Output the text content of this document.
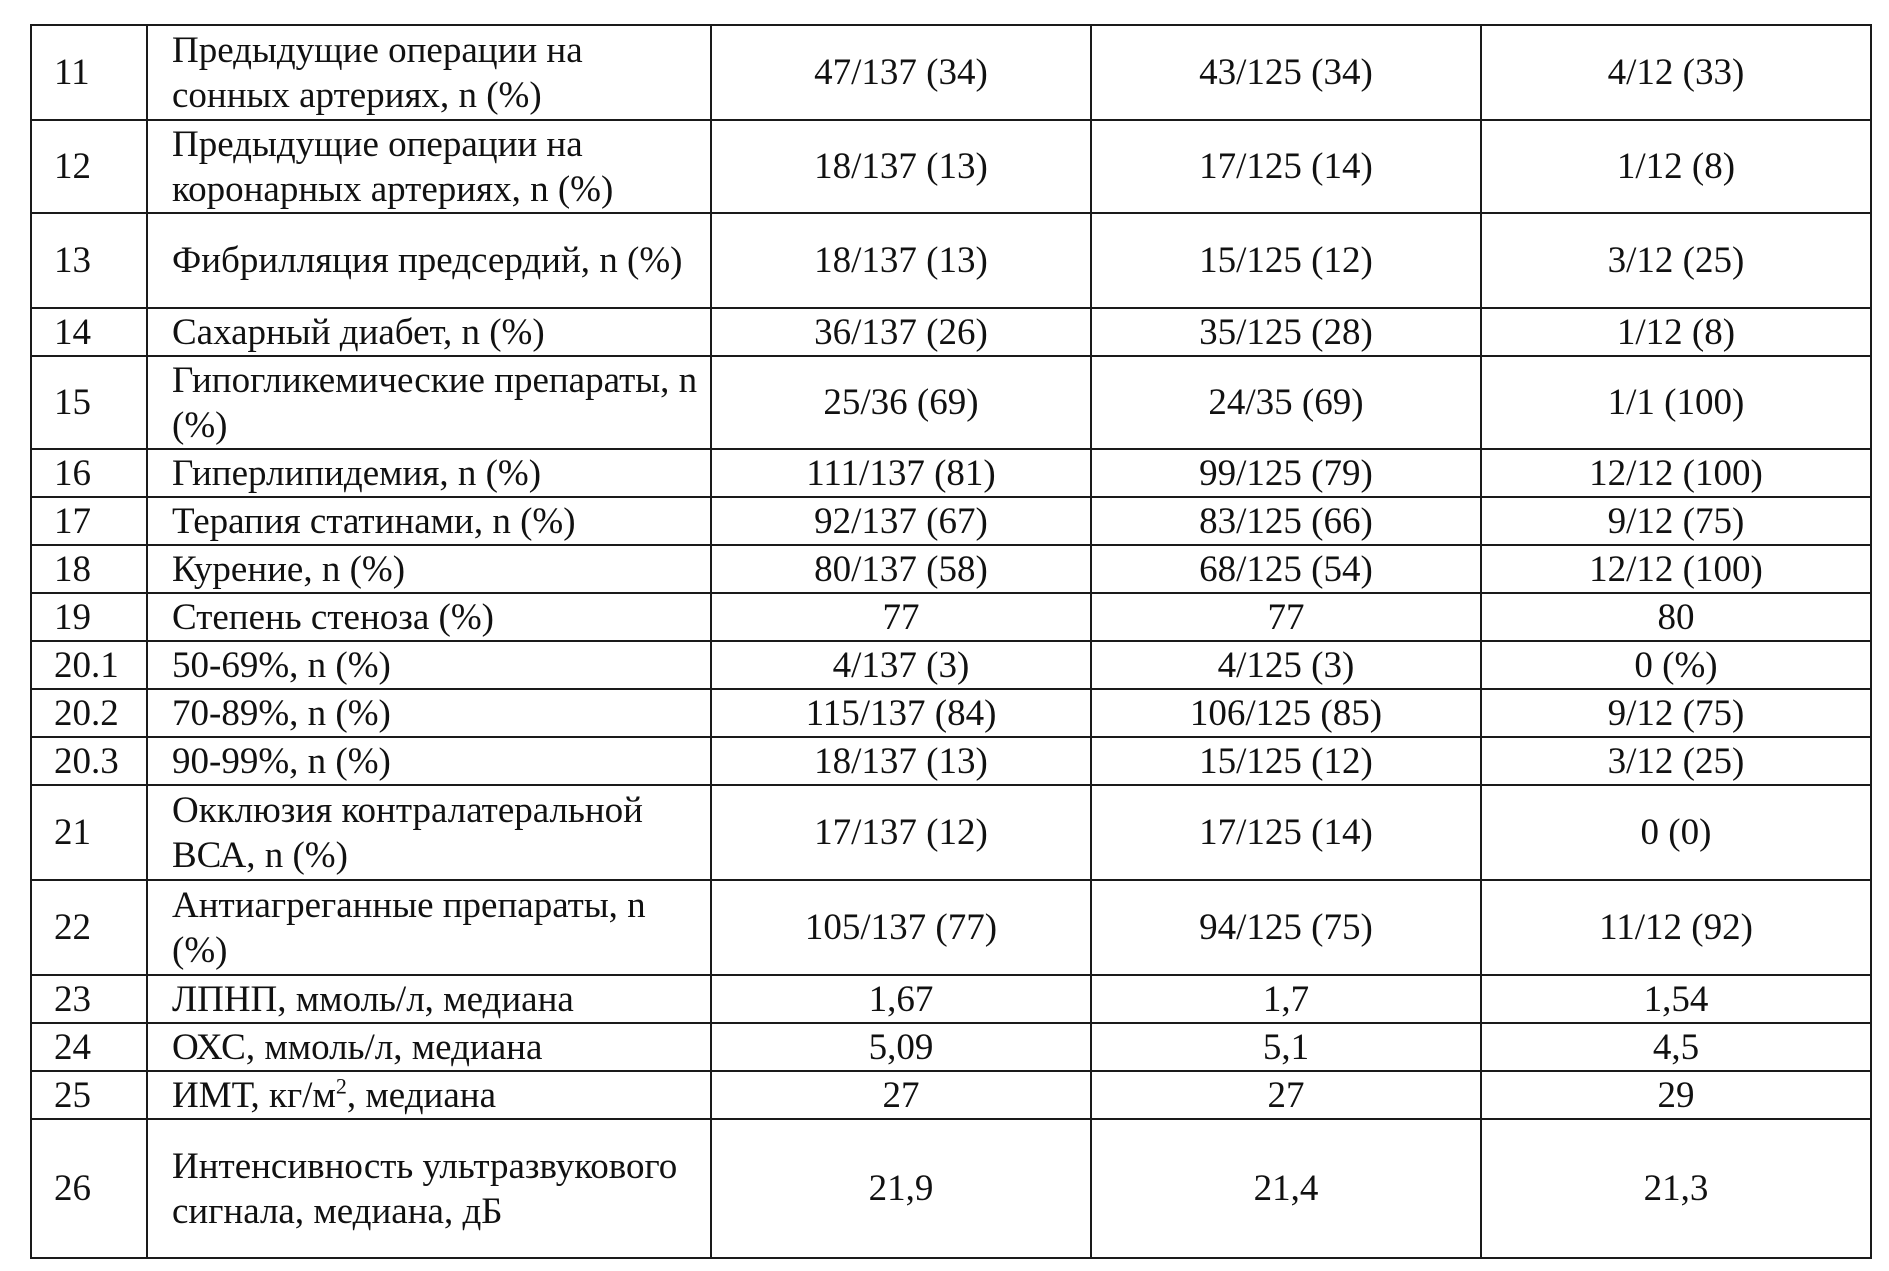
11	Предыдущие операции на сонных артериях, n (%)	47/137 (34)	43/125 (34)	4/12 (33)
12	Предыдущие операции на коронарных артериях, n (%)	18/137 (13)	17/125 (14)	1/12 (8)
13	Фибрилляция предсердий, n (%)	18/137 (13)	15/125 (12)	3/12 (25)
14	Сахарный диабет, n (%)	36/137 (26)	35/125 (28)	1/12 (8)
15	Гипогликемические препараты, n (%)	25/36 (69)	24/35 (69)	1/1 (100)
16	Гиперлипидемия, n (%)	111/137 (81)	99/125 (79)	12/12 (100)
17	Терапия статинами, n (%)	92/137 (67)	83/125 (66)	9/12 (75)
18	Курение, n (%)	80/137 (58)	68/125 (54)	12/12 (100)
19	Степень стеноза (%)	77	77	80
20.1	50-69%, n (%)	4/137 (3)	4/125 (3)	0 (%)
20.2	70-89%, n (%)	115/137 (84)	106/125 (85)	9/12 (75)
20.3	90-99%, n (%)	18/137 (13)	15/125 (12)	3/12 (25)
21	Окклюзия контралатеральной ВСА, n (%)	17/137 (12)	17/125 (14)	0 (0)
22	Антиагреганные препараты, n (%)	105/137 (77)	94/125 (75)	11/12 (92)
23	ЛПНП, ммоль/л, медиана	1,67	1,7	1,54
24	ОХС, ммоль/л, медиана	5,09	5,1	4,5
25	ИМТ, $кг/м^2$, медиана	27	27	29
26	Интенсивность ультразвукового сигнала, медиана, дБ	21,9	21,4	21,3
